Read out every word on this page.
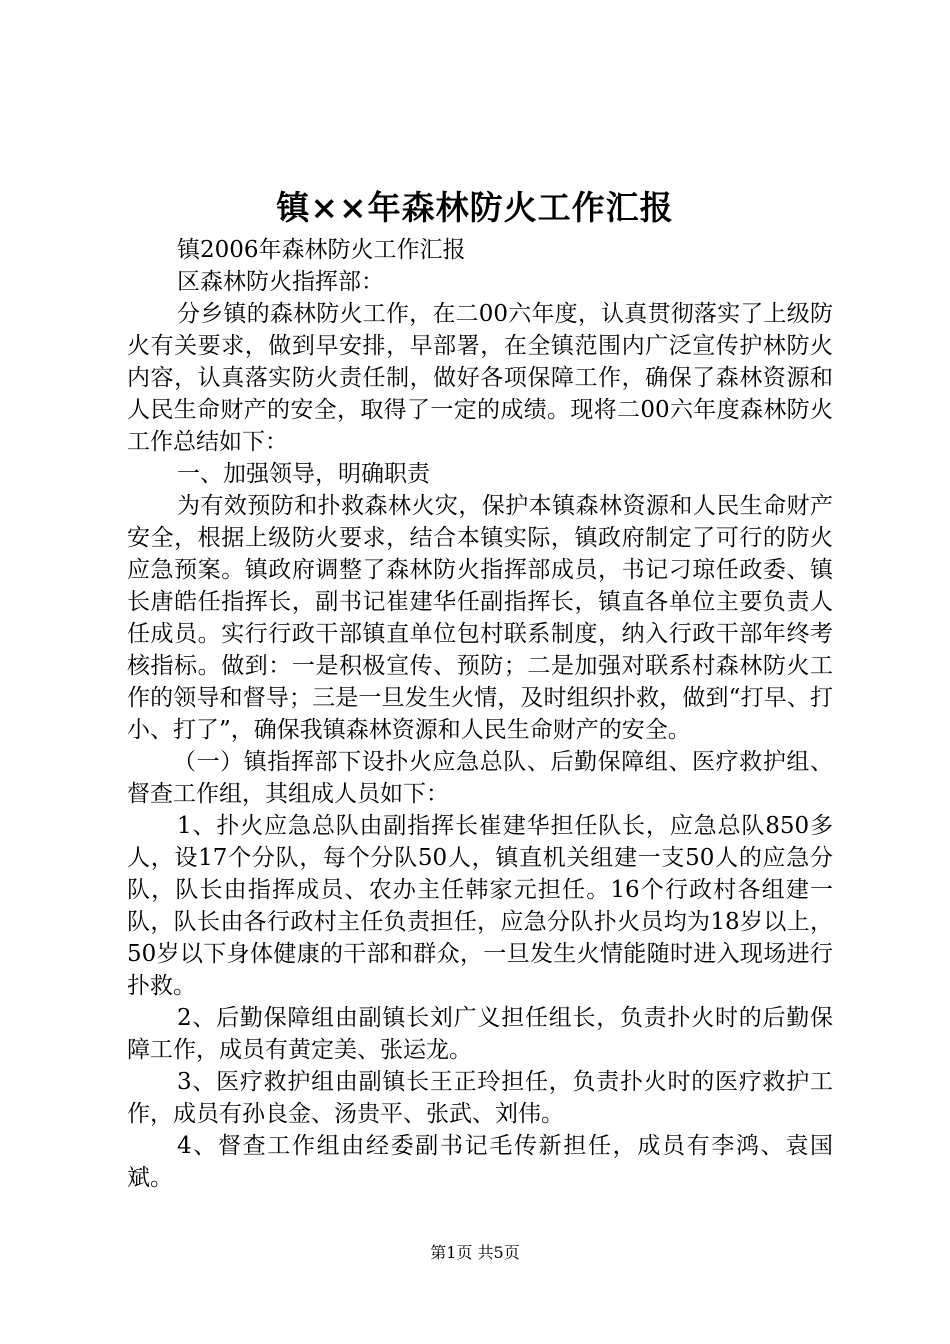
镇××年森林防火工作汇报

镇2006年森林防火工作汇报

区森林防火指挥部：

分乡镇的森林防火工作，在二00六年度，认真贯彻落实了上级防火有关要求，做到早安排，早部署，在全镇范围内广泛宣传护林防火内容，认真落实防火责任制，做好各项保障工作，确保了森林资源和人民生命财产的安全，取得了一定的成绩。现将二00六年度森林防火工作总结如下：

一、加强领导，明确职责

为有效预防和扑救森林火灾，保护本镇森林资源和人民生命财产安全，根据上级防火要求，结合本镇实际，镇政府制定了可行的防火应急预案。镇政府调整了森林防火指挥部成员，书记刁琼任政委、镇长唐皓任指挥长，副书记崔建华任副指挥长，镇直各单位主要负责人任成员。实行行政干部镇直单位包村联系制度，纳入行政干部年终考核指标。做到：一是积极宣传、预防；二是加强对联系村森林防火工作的领导和督导；三是一旦发生火情，及时组织扑救，做到“打早、打小、打了”，确保我镇森林资源和人民生命财产的安全。

（一）镇指挥部下设扑火应急总队、后勤保障组、医疗救护组、督查工作组，其组成人员如下：

1、扑火应急总队由副指挥长崔建华担任队长，应急总队850多人，设17个分队，每个分队50人，镇直机关组建一支50人的应急分队，队长由指挥成员、农办主任韩家元担任。16个行政村各组建一队，队长由各行政村主任负责担任，应急分队扑火员均为18岁以上，50岁以下身体健康的干部和群众，一旦发生火情能随时进入现场进行扑救。

2、后勤保障组由副镇长刘广义担任组长，负责扑火时的后勤保障工作，成员有黄定美、张运龙。

3、医疗救护组由副镇长王正玲担任，负责扑火时的医疗救护工作，成员有孙良金、汤贵平、张武、刘伟。

4、督查工作组由经委副书记毛传新担任，成员有李鸿、袁国斌。

第1页 共5页
